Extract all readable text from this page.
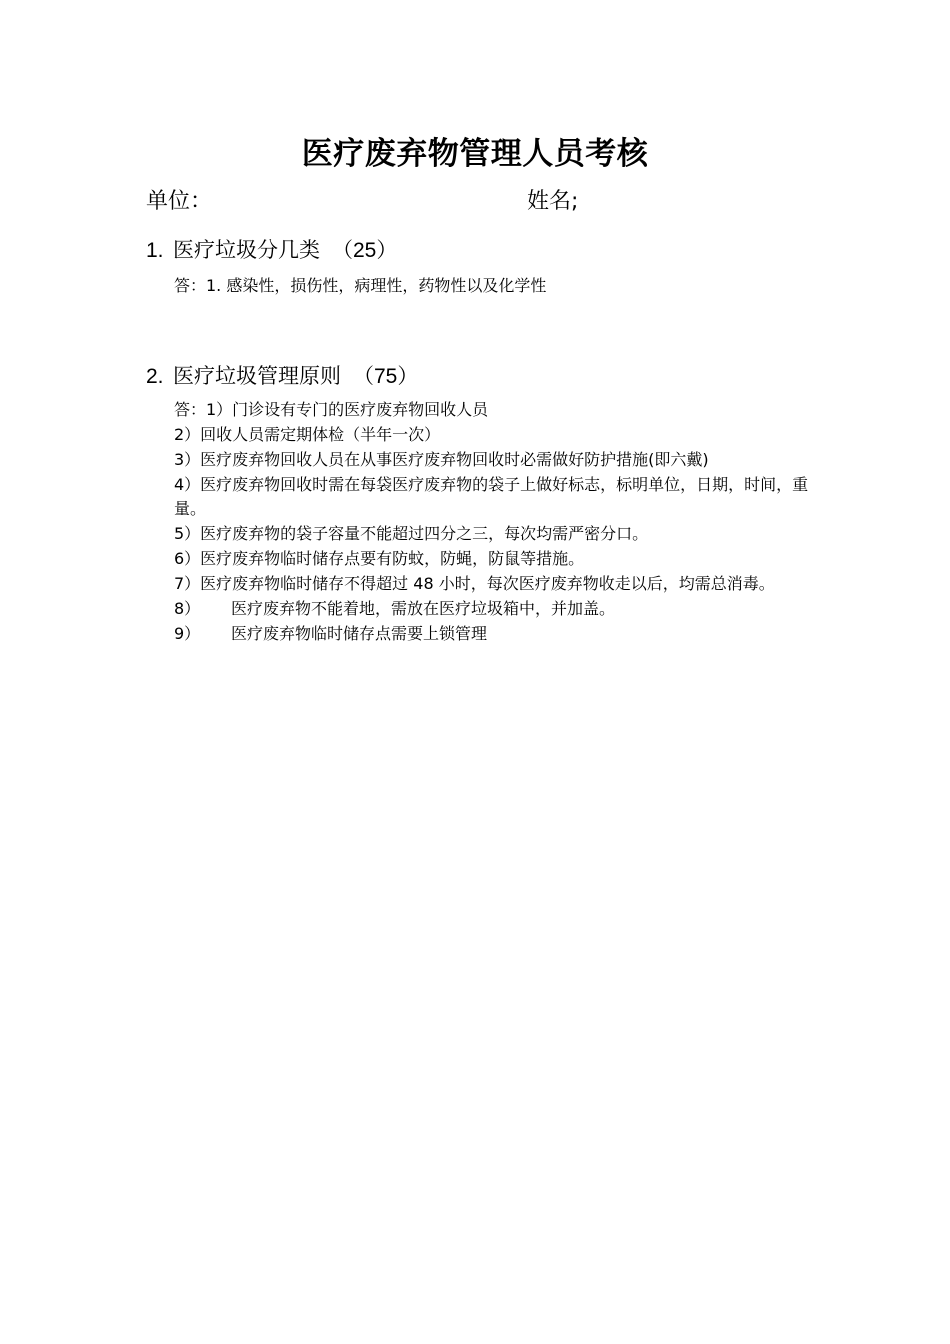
医疗废弃物管理人员考核
单位：	姓名;
1. 医疗垃圾分几类 （25）
答：1. 感染性，损伤性，病理性，药物性以及化学性
2. 医疗垃圾管理原则 （75）
答：1）门诊设有专门的医疗废弃物回收人员
2）回收人员需定期体检（半年一次）
3）医疗废弃物回收人员在从事医疗废弃物回收时必需做好防护措施(即六戴)
4）医疗废弃物回收时需在每袋医疗废弃物的袋子上做好标志，标明单位，日期，时间，重量。
5）医疗废弃物的袋子容量不能超过四分之三，每次均需严密分口。
6）医疗废弃物临时储存点要有防蚊，防蝇，防鼠等措施。
7）医疗废弃物临时储存不得超过 48 小时，每次医疗废弃物收走以后，均需总消毒。
8） 医疗废弃物不能着地，需放在医疗垃圾箱中，并加盖。
9） 医疗废弃物临时储存点需要上锁管理
